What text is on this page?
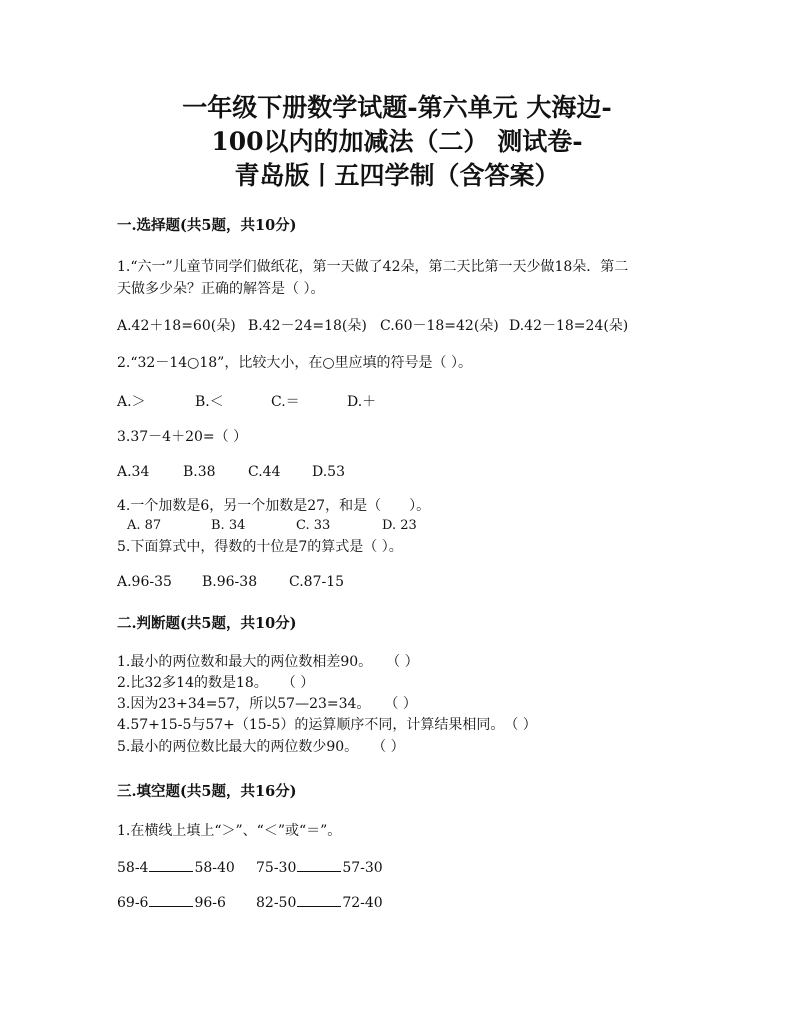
一年级下册数学试题-第六单元 大海边-
100以内的加减法（二） 测试卷-
青岛版丨五四学制（含答案）
一.选择题(共5题，共10分)
1.“六一”儿童节同学们做纸花，第一天做了42朵，第二天比第一天少做18朵．第二
天做多少朵？正确的解答是（ ）。
A.42＋18=60(朵) B.42－24=18(朵) C.60－18=42(朵) D.42－18=24(朵)
2.“32－14○18”，比较大小，在○里应填的符号是（ ）。
A.＞	B.＜	C.＝	D.＋
3.37－4＋20=（ ）
A.34 B.38 C.44 D.53
4.一个加数是6，另一个加数是27，和是（　　）。
A. 87	B. 34	C. 33	D. 23
5.下面算式中，得数的十位是7的算式是（ ）。
A.96-35 B.96-38 C.87-15
二.判断题(共5题，共10分)
1.最小的两位数和最大的两位数相差90。　　（ ）
2.比32多14的数是18。　　（ ）
3.因为23+34=57，所以57—23=34。　　（ ）
4.57+15-5与57+（15-5）的运算顺序不同，计算结果相同。　（ ）
5.最小的两位数比最大的两位数少90。　　（ ）
三.填空题(共5题，共16分)
1.在横线上填上“＞”、“＜”或“＝”。
58-4	58-40 75-30	57-30
69-6	96-6 82-50	72-40
